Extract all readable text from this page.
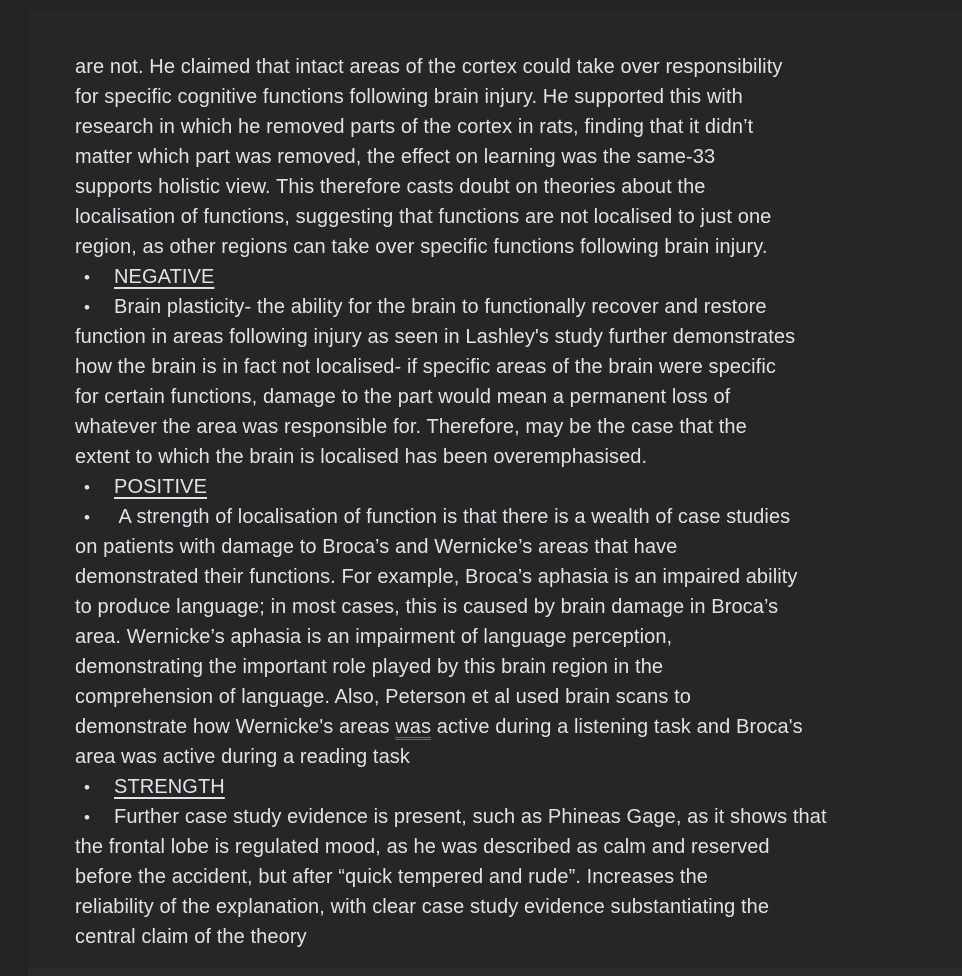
are not. He claimed that intact areas of the cortex could take over responsibility
for specific cognitive functions following brain injury. He supported this with
research in which he removed parts of the cortex in rats, finding that it didn’t
matter which part was removed, the effect on learning was the same-33
supports holistic view. This therefore casts doubt on theories about the
localisation of functions, suggesting that functions are not localised to just one
region, as other regions can take over specific functions following brain injury.
• NEGATIVE
• Brain plasticity- the ability for the brain to functionally recover and restore
function in areas following injury as seen in Lashley's study further demonstrates
how the brain is in fact not localised- if specific areas of the brain were specific
for certain functions, damage to the part would mean a permanent loss of
whatever the area was responsible for. Therefore, may be the case that the
extent to which the brain is localised has been overemphasised.
• POSITIVE
• A strength of localisation of function is that there is a wealth of case studies
on patients with damage to Broca’s and Wernicke’s areas that have
demonstrated their functions. For example, Broca’s aphasia is an impaired ability
to produce language; in most cases, this is caused by brain damage in Broca’s
area. Wernicke’s aphasia is an impairment of language perception,
demonstrating the important role played by this brain region in the
comprehension of language. Also, Peterson et al used brain scans to
demonstrate how Wernicke's areas was active during a listening task and Broca's
area was active during a reading task
• STRENGTH
• Further case study evidence is present, such as Phineas Gage, as it shows that
the frontal lobe is regulated mood, as he was described as calm and reserved
before the accident, but after “quick tempered and rude”. Increases the
reliability of the explanation, with clear case study evidence substantiating the
central claim of the theory
